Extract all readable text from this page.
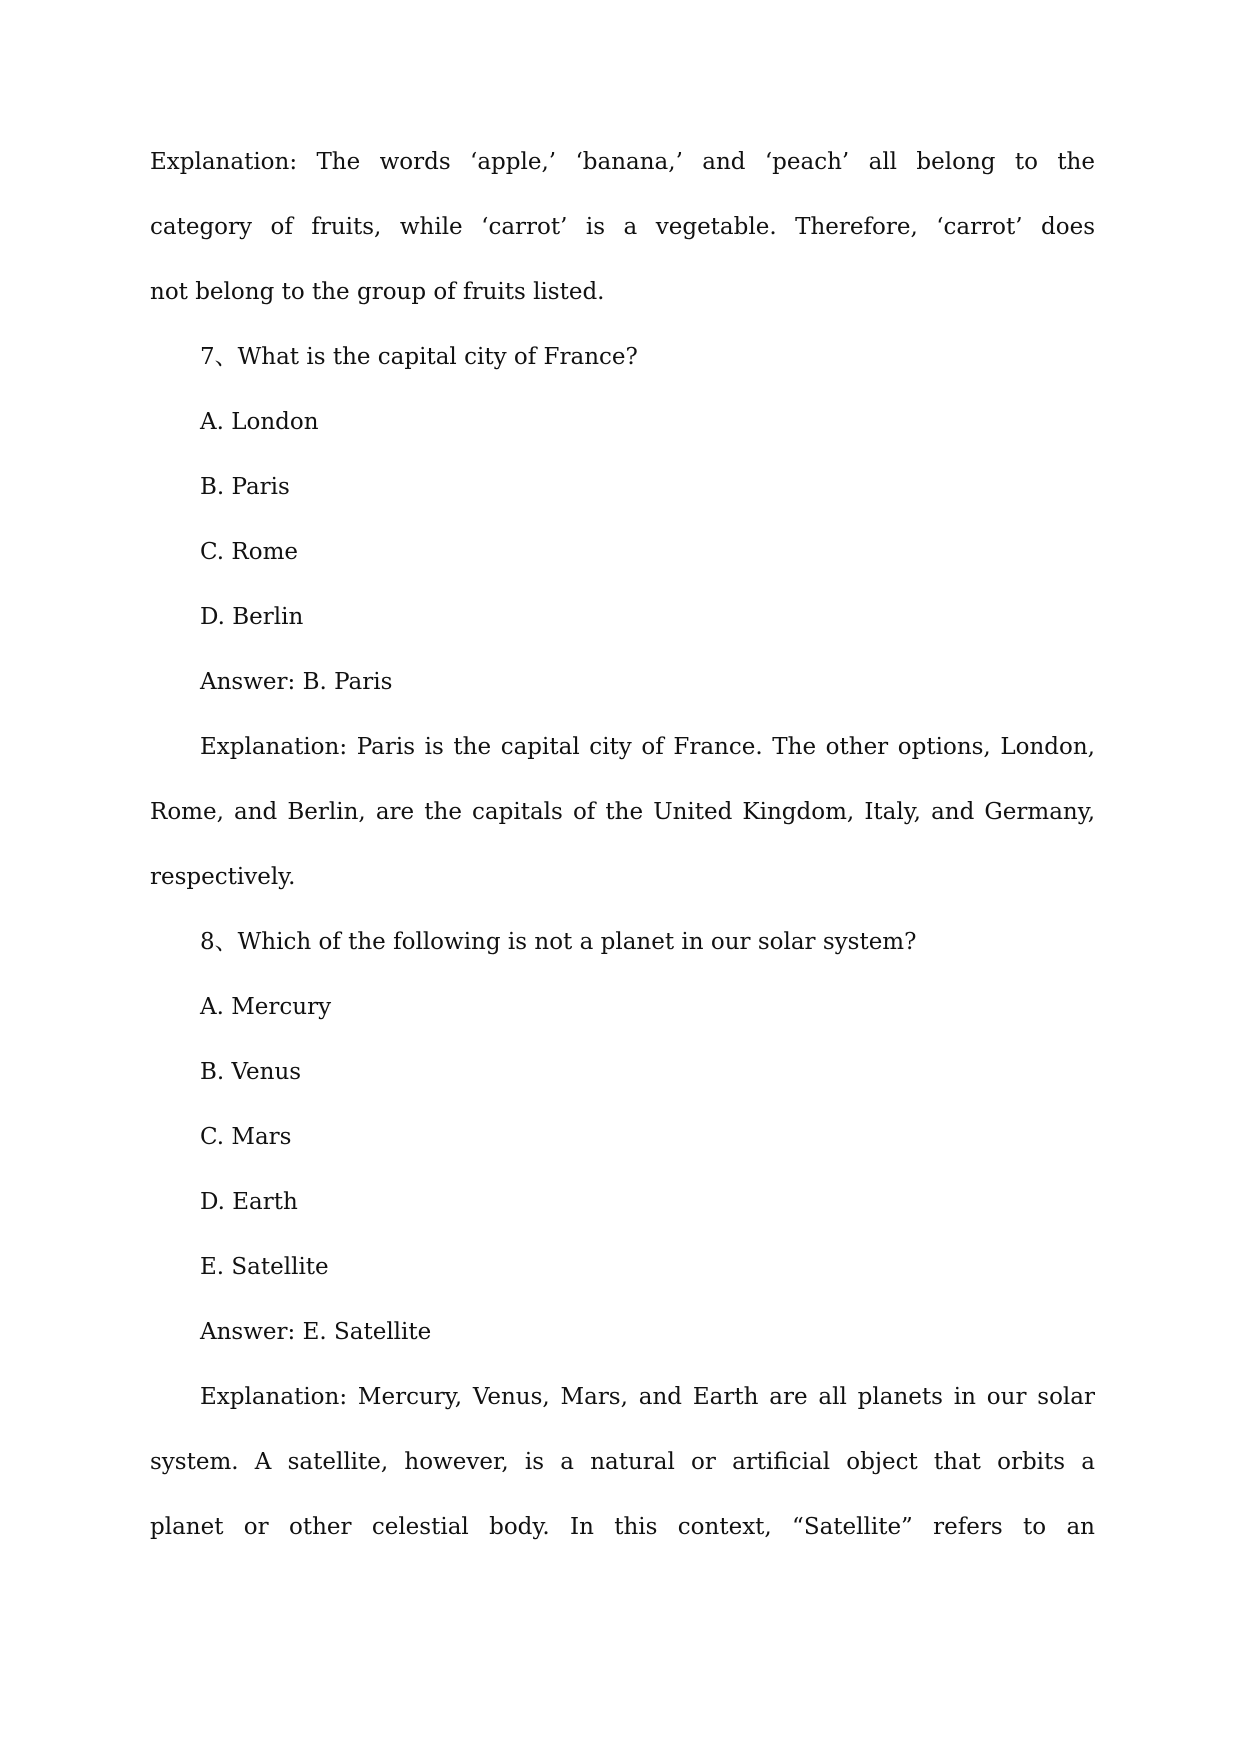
Explanation: The words ‘apple,’ ‘banana,’ and ‘peach’ all belong to the
category of fruits, while ‘carrot’ is a vegetable. Therefore, ‘carrot’ does
not belong to the group of fruits listed.
7、What is the capital city of France?
A. London
B. Paris
C. Rome
D. Berlin
Answer: B. Paris
Explanation: Paris is the capital city of France. The other options, London,
Rome, and Berlin, are the capitals of the United Kingdom, Italy, and Germany,
respectively.
8、Which of the following is not a planet in our solar system?
A. Mercury
B. Venus
C. Mars
D. Earth
E. Satellite
Answer: E. Satellite
Explanation: Mercury, Venus, Mars, and Earth are all planets in our solar
system. A satellite, however, is a natural or artificial object that orbits a
planet or other celestial body. In this context, “Satellite” refers to an
